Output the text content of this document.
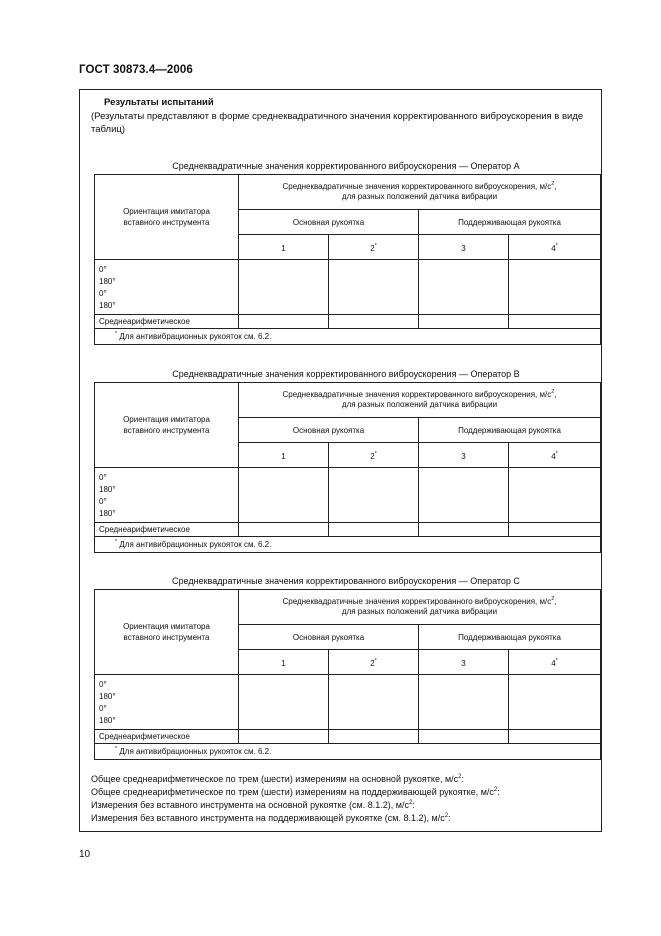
ГОСТ 30873.4—2006
Результаты испытаний
(Результаты представляют в форме среднеквадратичного значения корректированного виброускорения в виде таблиц)
Среднеквадратичные значения корректированного виброускорения — Оператор А
Ориентация имитатора
вставного инструмента	Среднеквадратичные значения корректированного виброускорения, $м/с^2$,
для разных положений датчика вибрации			
	Основная рукоятка		Поддерживающая рукоятка	
	1	2*	3	4*

0°
180°
0°
180°				

Среднеарифметическое				
* Для антивибрационных рукояток см. 6.2.				
Среднеквадратичные значения корректированного виброускорения — Оператор В
Ориентация имитатора
вставного инструмента	Среднеквадратичные значения корректированного виброускорения, $м/с^2$,
для разных положений датчика вибрации			
	Основная рукоятка		Поддерживающая рукоятка	
	1	2*	3	4*

0°
180°
0°
180°				

Среднеарифметическое				
* Для антивибрационных рукояток см. 6.2.				
Среднеквадратичные значения корректированного виброускорения — Оператор С
Ориентация имитатора
вставного инструмента	Среднеквадратичные значения корректированного виброускорения, $м/с^2$,
для разных положений датчика вибрации			
	Основная рукоятка		Поддерживающая рукоятка	
	1	2*	3	4*

0°
180°
0°
180°				

Среднеарифметическое				
* Для антивибрационных рукояток см. 6.2.				
Общее среднеарифметическое по трем (шести) измерениям на основной рукоятке, $м/с^2$:
Общее среднеарифметическое по трем (шести) измерениям на поддерживающей рукоятке, $м/с^2$:
Измерения без вставного инструмента на основной рукоятке (см. 8.1.2), $м/с^2$:
Измерения без вставного инструмента на поддерживающей рукоятке (см. 8.1.2), $м/с^2$:
10
